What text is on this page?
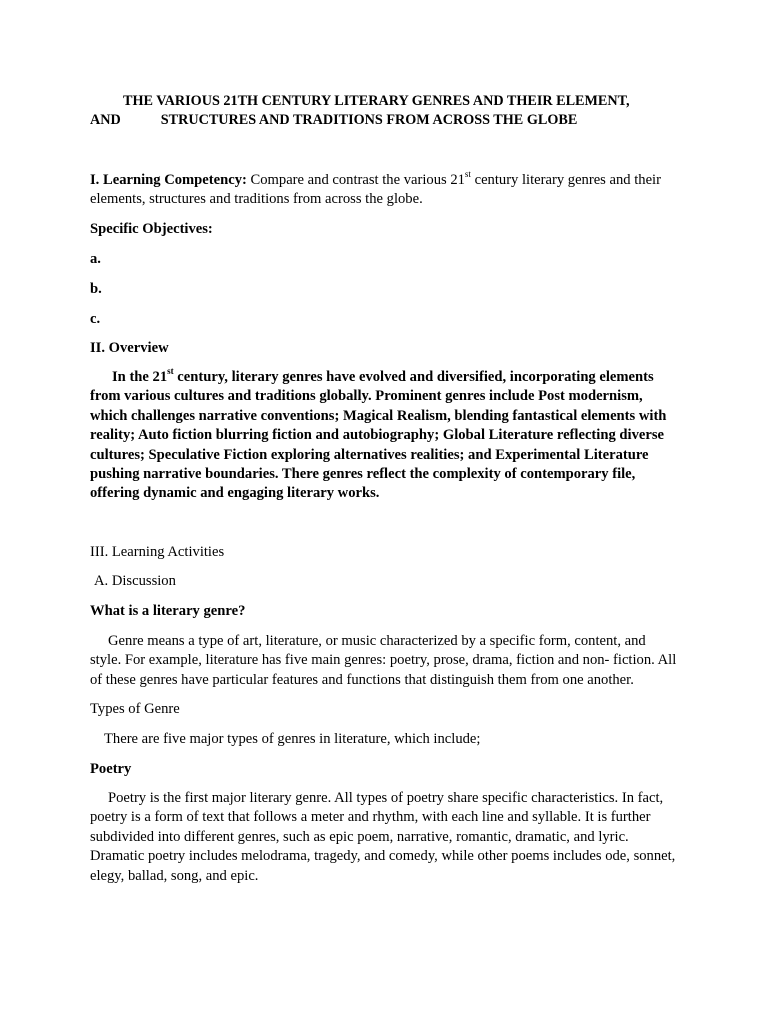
THE VARIOUS 21TH CENTURY LITERARY GENRES AND THEIR ELEMENT,
AND	STRUCTURES AND TRADITIONS FROM ACROSS THE GLOBE

I. Learning Competency: Compare and contrast the various 21st century literary genres and their elements, structures and traditions from across the globe.

Specific Objectives:

a.

b.

c.

II. Overview

In the 21st century, literary genres have evolved and diversified, incorporating elements from various cultures and traditions globally. Prominent genres include Post modernism, which challenges narrative conventions; Magical Realism, blending fantastical elements with reality; Auto fiction blurring fiction and autobiography; Global Literature reflecting diverse cultures; Speculative Fiction exploring alternatives realities; and Experimental Literature pushing narrative boundaries. There genres reflect the complexity of contemporary file, offering dynamic and engaging literary works.

III. Learning Activities

A. Discussion

What is a literary genre?

Genre means a type of art, literature, or music characterized by a specific form, content, and style. For example, literature has five main genres: poetry, prose, drama, fiction and non- fiction. All of these genres have particular features and functions that distinguish them from one another.

Types of Genre

There are five major types of genres in literature, which include;

Poetry

Poetry is the first major literary genre. All types of poetry share specific characteristics. In fact, poetry is a form of text that follows a meter and rhythm, with each line and syllable. It is further subdivided into different genres, such as epic poem, narrative, romantic, dramatic, and lyric. Dramatic poetry includes melodrama, tragedy, and comedy, while other poems includes ode, sonnet, elegy, ballad, song, and epic.
